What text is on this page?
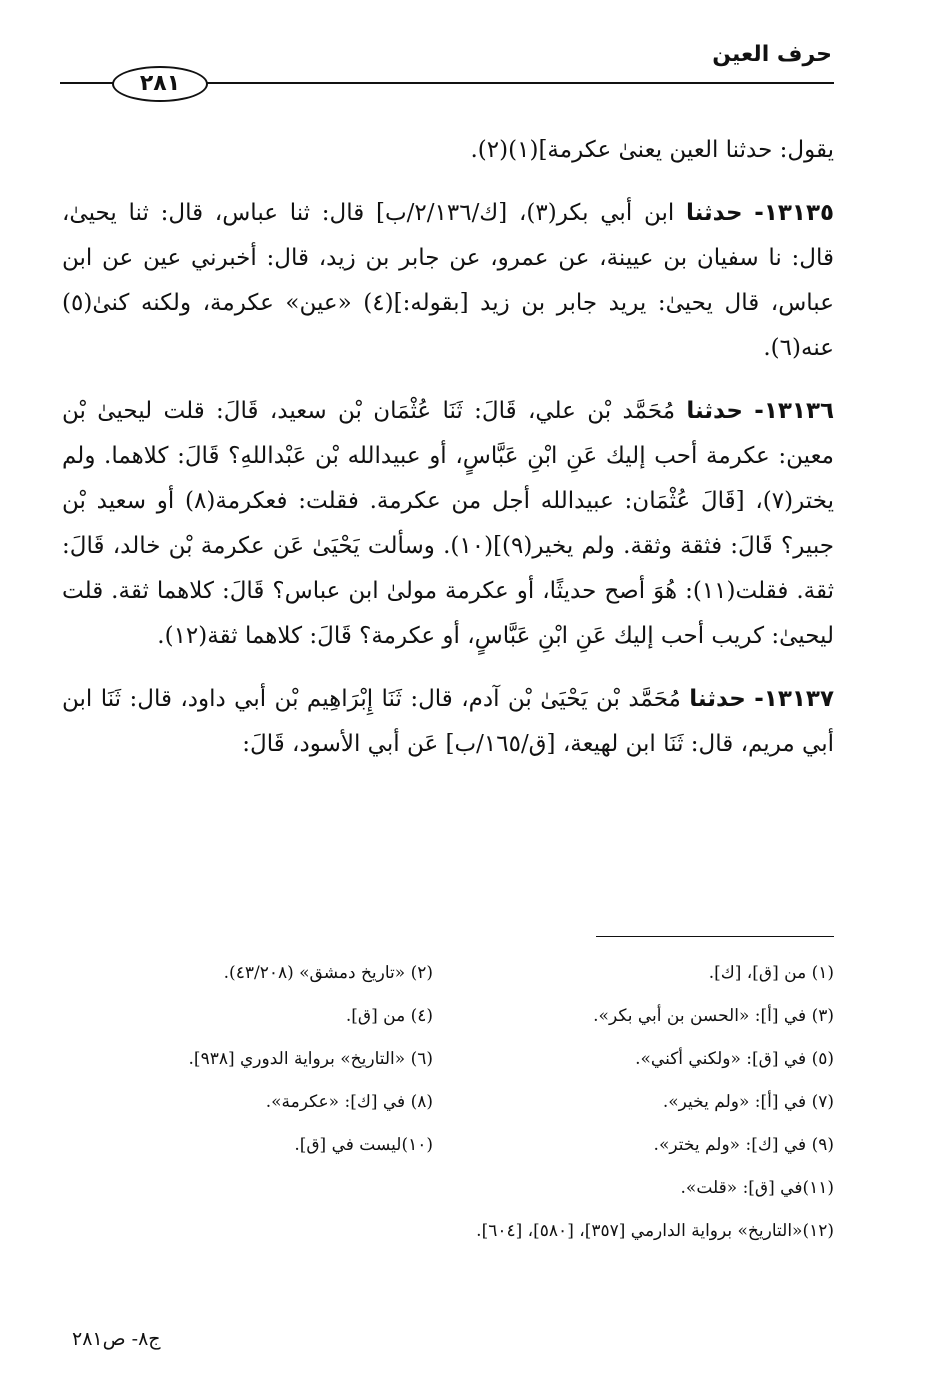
حرف العين
٢٨١

يقول: حدثنا العين يعنىٰ عكرمة](١)(٢).

١٣١٣٥- حدثنا ابن أبي بكر(٣)، [ك/٢/١٣٦/ب] قال: ثنا عباس، قال: ثنا يحيىٰ، قال: نا سفيان بن عيينة، عن عمرو، عن جابر بن زيد، قال: أخبرني عين عن ابن عباس، قال يحيىٰ: يريد جابر بن زيد [بقوله:](٤) «عين» عكرمة، ولكنه كنىٰ(٥) عنه(٦).

١٣١٣٦- حدثنا مُحَمَّد بْن علي، قَالَ: ثَنَا عُثْمَان بْن سعيد، قَالَ: قلت ليحيىٰ بْن معين: عكرمة أحب إليك عَنِ ابْنِ عَبَّاسٍ، أو عبيدالله بْن عَبْداللهِ؟ قَالَ: كلاهما. ولم يختر(٧)، [قَالَ عُثْمَان: عبيدالله أجل من عكرمة. فقلت: فعكرمة(٨) أو سعيد بْن جبير؟ قَالَ: فثقة وثقة. ولم يخير(٩)](١٠). وسألت يَحْيَىٰ عَن عكرمة بْن خالد، قَالَ: ثقة. فقلت(١١): هُوَ أصح حديثًا، أو عكرمة مولىٰ ابن عباس؟ قَالَ: كلاهما ثقة. قلت ليحيىٰ: كريب أحب إليك عَنِ ابْنِ عَبَّاسٍ، أو عكرمة؟ قَالَ: كلاهما ثقة(١٢).

١٣١٣٧- حدثنا مُحَمَّد بْن يَحْيَىٰ بْن آدم، قال: ثَنَا إِبْرَاهِيم بْن أبي داود، قال: ثَنَا ابن أبي مريم، قال: ثَنَا ابن لهيعة، [ق/١٦٥/ب] عَن أبي الأسود، قَالَ:

(١) من [ق]، [ك].
(٢) «تاريخ دمشق» (٤٣/٢٠٨).
(٣) في [أ]: «الحسن بن أبي بكر».
(٤) من [ق].
(٥) في [ق]: «ولكني أكني».
(٦) «التاريخ» برواية الدوري [٩٣٨].
(٧) في [أ]: «ولم يخير».
(٨) في [ك]: «عكرمة».
(٩) في [ك]: «ولم يختر».
(١٠)ليست في [ق].
(١١)في [ق]: «قلت».
(١٢)«التاريخ» برواية الدارمي [٣٥٧]، [٥٨٠]، [٦٠٤].
ج٨- ص٢٨١
